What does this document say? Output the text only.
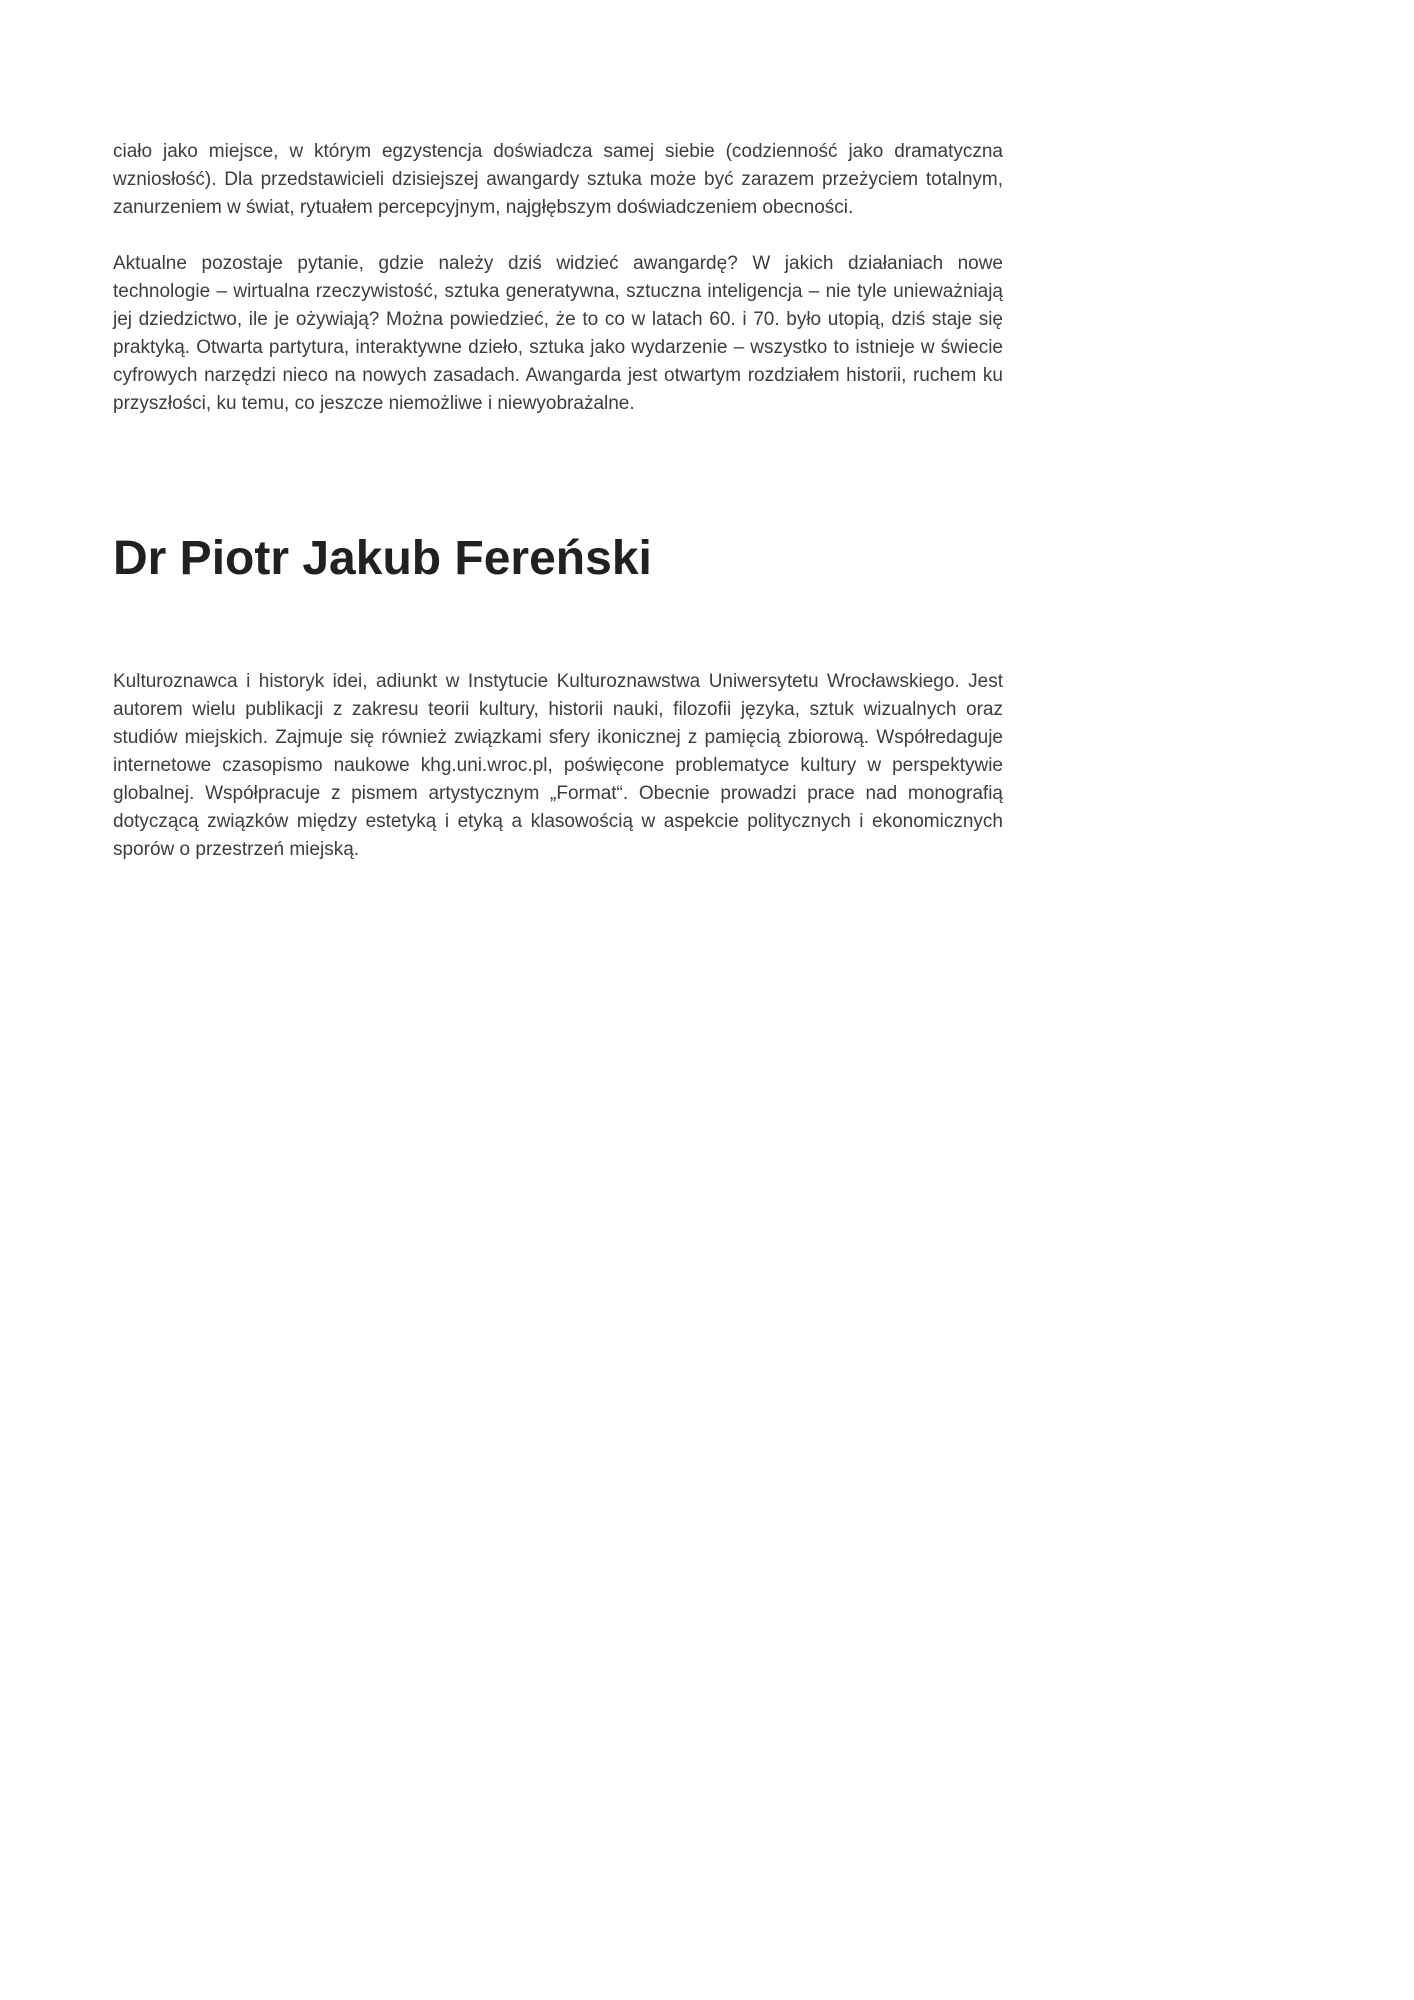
ciało jako miejsce, w którym egzystencja doświadcza samej siebie (codzienność jako dramatyczna wzniosłość). Dla przedstawicieli dzisiejszej awangardy sztuka może być zarazem przeżyciem totalnym, zanurzeniem w świat, rytuałem percepcyjnym, najgłębszym doświadczeniem obecności.

Aktualne pozostaje pytanie, gdzie należy dziś widzieć awangardę? W jakich działaniach nowe technologie – wirtualna rzeczywistość, sztuka generatywna, sztuczna inteligencja – nie tyle unieważniają jej dziedzictwo, ile je ożywiają? Można powiedzieć, że to co w latach 60. i 70. było utopią, dziś staje się praktyką. Otwarta partytura, interaktywne dzieło, sztuka jako wydarzenie – wszystko to istnieje w świecie cyfrowych narzędzi nieco na nowych zasadach. Awangarda jest otwartym rozdziałem historii, ruchem ku przyszłości, ku temu, co jeszcze niemożliwe i niewyobrażalne.

Dr Piotr Jakub Fereński

Kulturoznawca i historyk idei, adiunkt w Instytucie Kulturoznawstwa Uniwersytetu Wrocławskiego. Jest autorem wielu publikacji z zakresu teorii kultury, historii nauki, filozofii języka, sztuk wizualnych oraz studiów miejskich. Zajmuje się również związkami sfery ikonicznej z pamięcią zbiorową. Współredaguje internetowe czasopismo naukowe khg.uni.wroc.pl, poświęcone problematyce kultury w perspektywie globalnej. Współpracuje z pismem artystycznym „Format“. Obecnie prowadzi prace nad monografią dotyczącą związków między estetyką i etyką a klasowością w aspekcie politycznych i ekonomicznych sporów o przestrzeń miejską.
